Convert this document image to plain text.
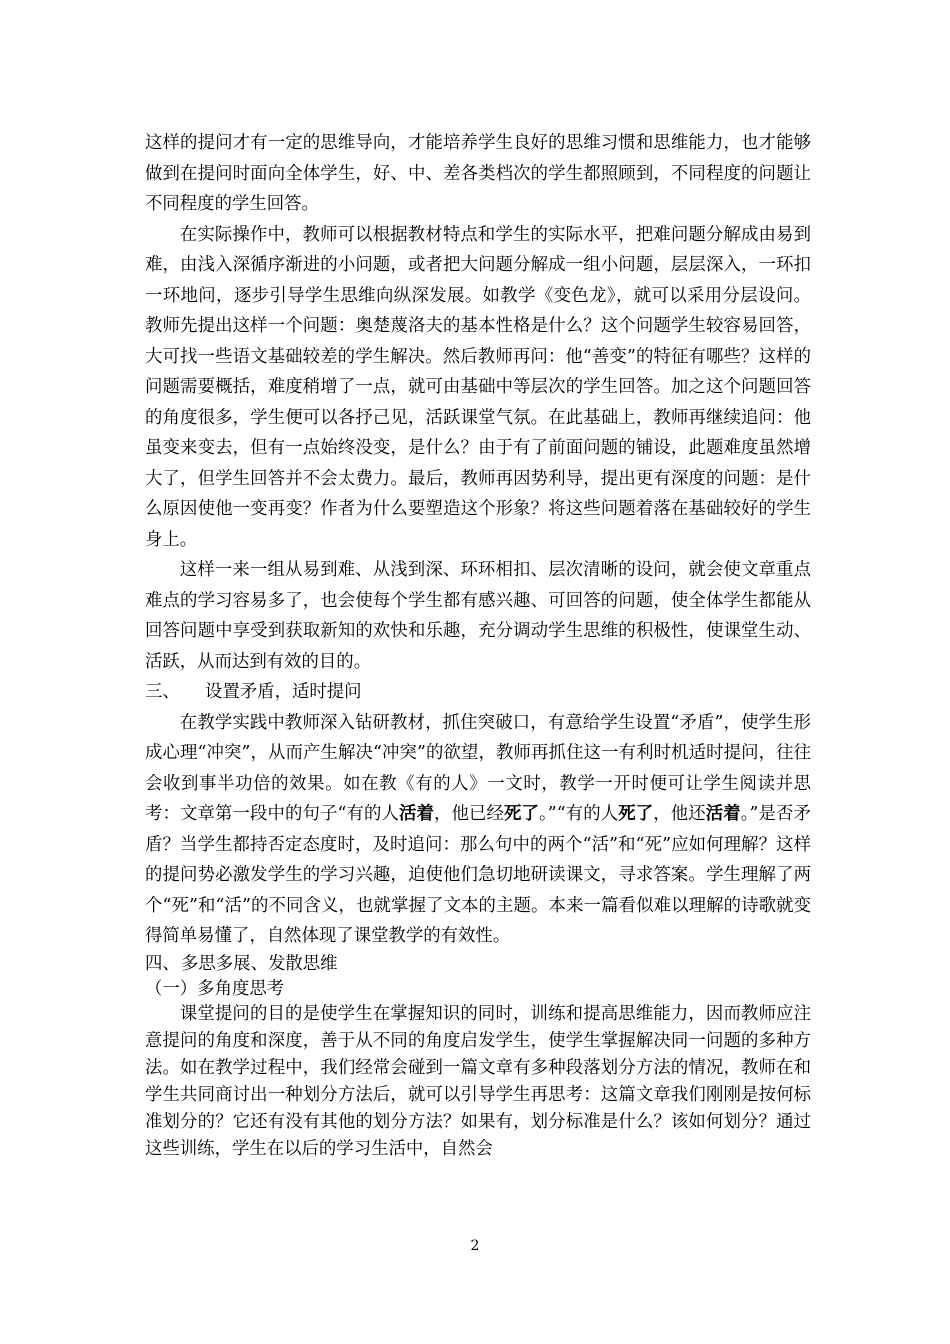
这样的提问才有一定的思维导向，才能培养学生良好的思维习惯和思维能力，也才能够做到在提问时面向全体学生，好、中、差各类档次的学生都照顾到，不同程度的问题让不同程度的学生回答。

在实际操作中，教师可以根据教材特点和学生的实际水平，把难问题分解成由易到难，由浅入深循序渐进的小问题，或者把大问题分解成一组小问题，层层深入，一环扣一环地问，逐步引导学生思维向纵深发展。如教学《变色龙》，就可以采用分层设问。教师先提出这样一个问题：奥楚蔑洛夫的基本性格是什么？这个问题学生较容易回答，大可找一些语文基础较差的学生解决。然后教师再问：他“善变”的特征有哪些？这样的问题需要概括，难度稍增了一点，就可由基础中等层次的学生回答。加之这个问题回答的角度很多，学生便可以各抒己见，活跃课堂气氛。在此基础上，教师再继续追问：他虽变来变去，但有一点始终没变，是什么？由于有了前面问题的铺设，此题难度虽然增大了，但学生回答并不会太费力。最后，教师再因势利导，提出更有深度的问题：是什么原因使他一变再变？作者为什么要塑造这个形象？将这些问题着落在基础较好的学生身上。

这样一来一组从易到难、从浅到深、环环相扣、层次清晰的设问，就会使文章重点难点的学习容易多了，也会使每个学生都有感兴趣、可回答的问题，使全体学生都能从回答问题中享受到获取新知的欢快和乐趣，充分调动学生思维的积极性，使课堂生动、活跃，从而达到有效的目的。

三、 设置矛盾，适时提问

在教学实践中教师深入钻研教材，抓住突破口，有意给学生设置“矛盾”，使学生形成心理“冲突”，从而产生解决“冲突”的欲望，教师再抓住这一有利时机适时提问，往往会收到事半功倍的效果。如在教《有的人》一文时，教学一开时便可让学生阅读并思考：文章第一段中的句子“有的人活着，他已经死了。”“有的人死了，他还活着。”是否矛盾？当学生都持否定态度时，及时追问：那么句中的两个“活”和“死”应如何理解？这样的提问势必激发学生的学习兴趣，迫使他们急切地研读课文，寻求答案。学生理解了两个“死”和“活”的不同含义，也就掌握了文本的主题。本来一篇看似难以理解的诗歌就变得简单易懂了，自然体现了课堂教学的有效性。

四、多思多展、发散思维

（一）多角度思考

课堂提问的目的是使学生在掌握知识的同时，训练和提高思维能力，因而教师应注意提问的角度和深度，善于从不同的角度启发学生，使学生掌握解决同一问题的多种方法。如在教学过程中，我们经常会碰到一篇文章有多种段落划分方法的情况，教师在和学生共同商讨出一种划分方法后，就可以引导学生再思考：这篇文章我们刚刚是按何标准划分的？它还有没有其他的划分方法？如果有，划分标准是什么？该如何划分？通过这些训练，学生在以后的学习生活中，自然会

2
